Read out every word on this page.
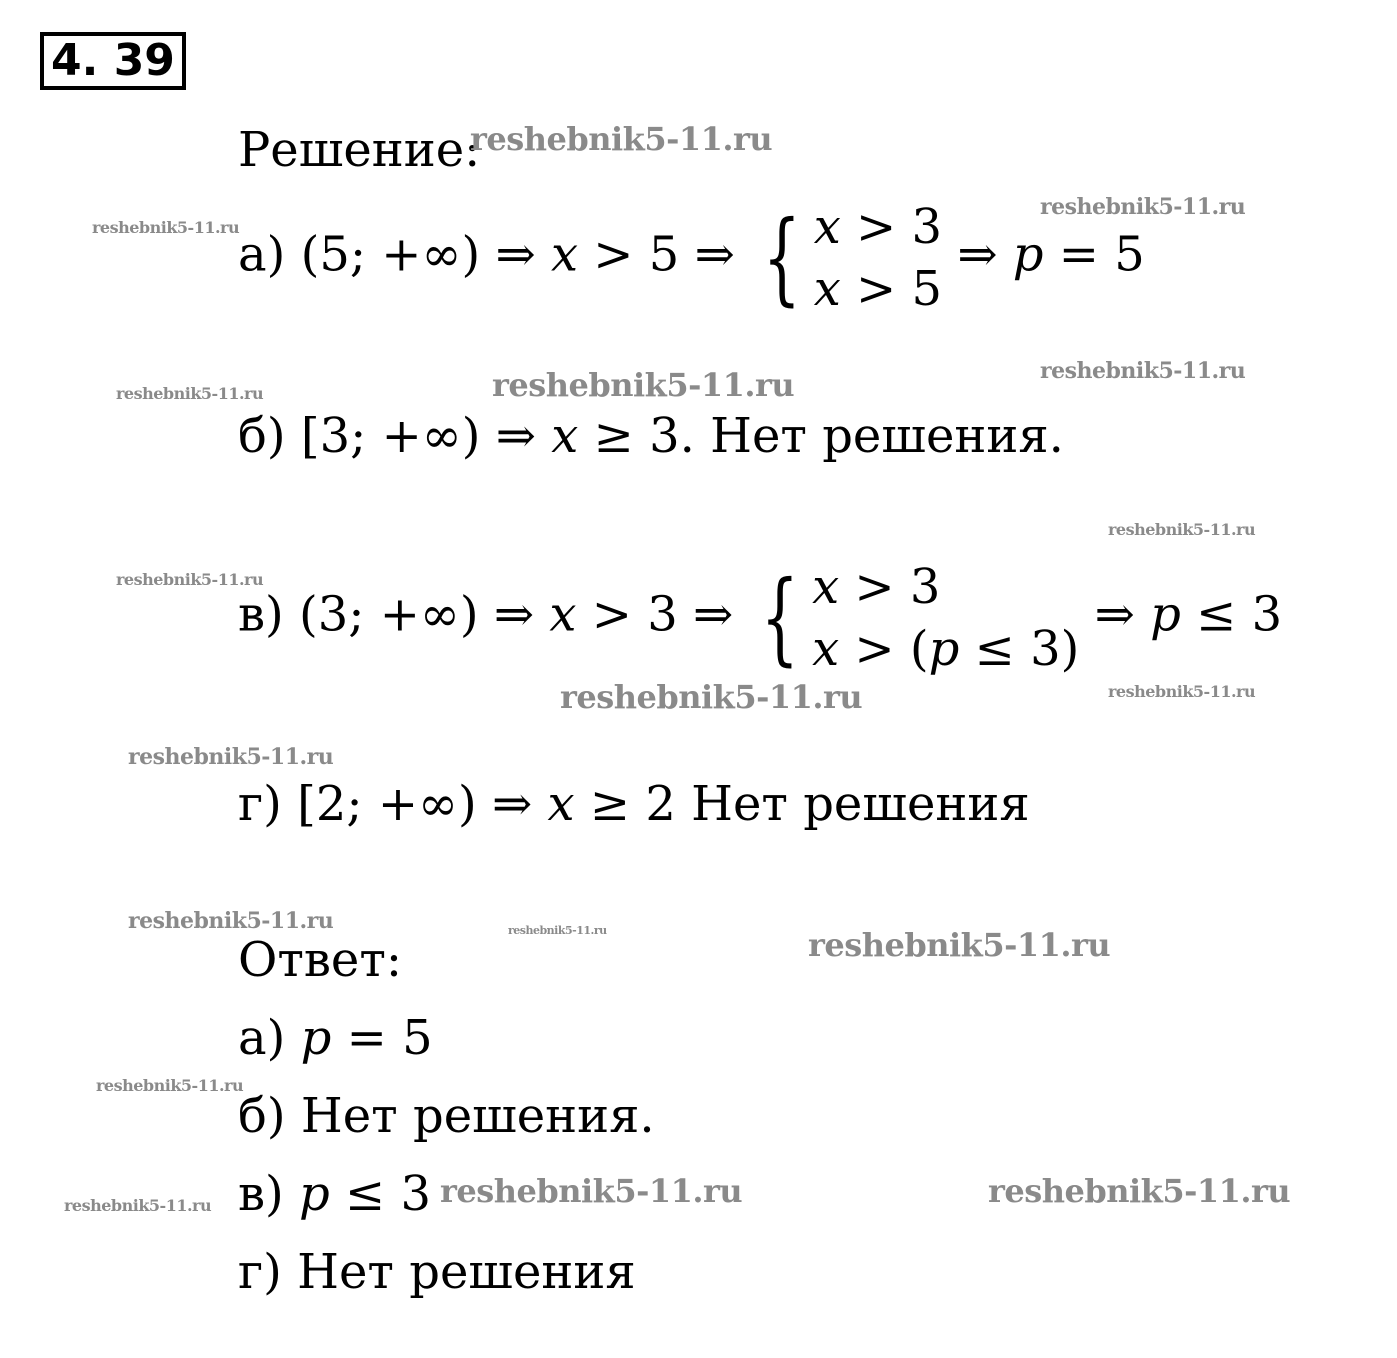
4. 39
Решение:
а) (5; +∞) ⇒ x > 5 ⇒ { x > 3
x > 5
⇒ p = 5
б) [3; +∞) ⇒ x ≥ 3. Нет решения.
в) (3; +∞) ⇒ x > 3 ⇒ { x > 3
x > (p ≤ 3)
⇒ p ≤ 3
г) [2; +∞) ⇒ x ≥ 2 Нет решения
Ответ:
а) p = 5
б) Нет решения.
в) p ≤ 3
г) Нет решения
reshebnik5-11.ru
reshebnik5-11.ru
reshebnik5-11.ru
reshebnik5-11.ru	reshebnik5-11.ru
reshebnik5-11.ru
reshebnik5-11.ru
reshebnik5-11.ru
reshebnik5-11.ru	reshebnik5-11.ru
reshebnik5-11.ru
reshebnik5-11.ru	reshebnik5-11.ru	reshebnik5-11.ru
reshebnik5-11.ru
reshebnik5-11.ru	reshebnik5-11.ru	reshebnik5-11.ru
